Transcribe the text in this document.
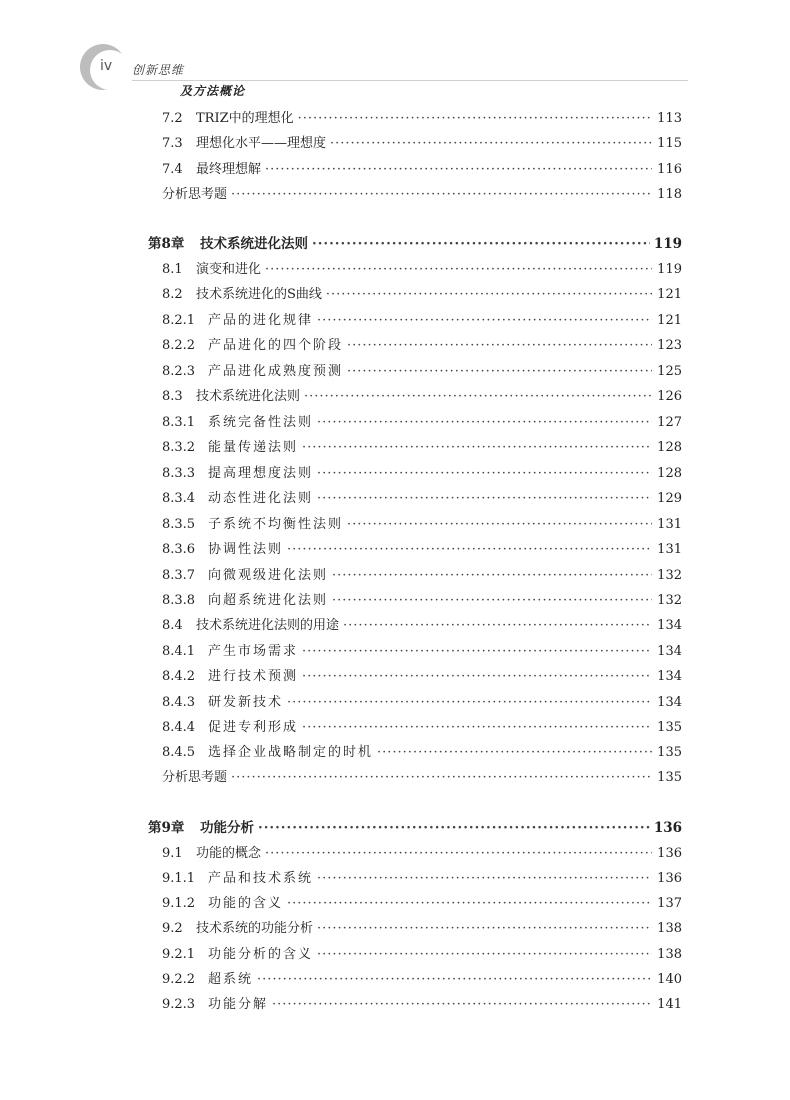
iv 创新思维
及方法概论
7.2	TRIZ中的理想化 ·····	113
7.3	理想化水平——理想度 ·····	115
7.4	最终理想解 ·····	116
分析思考题 ·····	118
第8章	技术系统进化法则 ·····	119
8.1	演变和进化 ·····	119
8.2	技术系统进化的S曲线 ·····	121
8.2.1 产品的进化规律 ·····	121
8.2.2 产品进化的四个阶段 ·····	123
8.2.3 产品进化成熟度预测 ·····	125
8.3	技术系统进化法则 ·····	126
8.3.1 系统完备性法则 ·····	127
8.3.2 能量传递法则 ·····	128
8.3.3 提高理想度法则 ·····	128
8.3.4 动态性进化法则 ·····	129
8.3.5 子系统不均衡性法则 ·····	131
8.3.6 协调性法则 ·····	131
8.3.7 向微观级进化法则 ·····	132
8.3.8 向超系统进化法则 ·····	132
8.4	技术系统进化法则的用途 ·····	134
8.4.1 产生市场需求 ·····	134
8.4.2 进行技术预测 ·····	134
8.4.3 研发新技术 ·····	134
8.4.4 促进专利形成 ·····	135
8.4.5 选择企业战略制定的时机 ·····	135
分析思考题 ·····	135
第9章	功能分析 ·····	136
9.1	功能的概念 ·····	136
9.1.1 产品和技术系统 ·····	136
9.1.2 功能的含义 ·····	137
9.2	技术系统的功能分析 ·····	138
9.2.1 功能分析的含义 ·····	138
9.2.2 超系统 ·····	140
9.2.3 功能分解 ·····	141
